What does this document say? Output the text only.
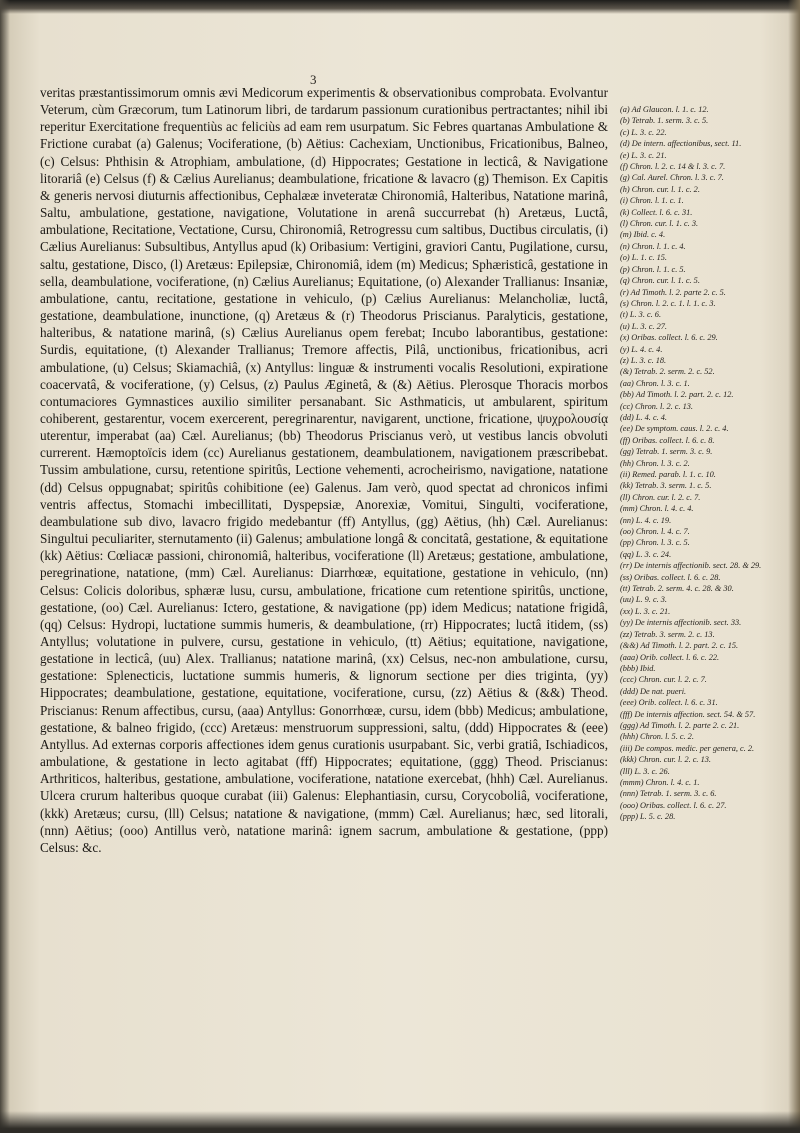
3

veritas præstantissimorum omnis ævi Medicorum experimentis & observationibus comprobata. Evolvantur Veterum, cùm Græcorum, tum Latinorum libri, de tardarum passionum curationibus pertractantes; nihil ibi reperitur Exercitatione frequentiùs ac feliciùs ad eam rem usurpatum. Sic Febres quartanas Ambulatione & Frictione curabat (a) Galenus; Vociferatione, (b) Aëtius: Cachexiam, Unctionibus, Fricationibus, Balneo, (c) Celsus: Phthisin & Atrophiam, ambulatione, (d) Hippocrates; Gestatione in lecticâ, & Navigatione litorariâ (e) Celsus (f) & Cælius Aurelianus; deambulatione, fricatione & lavacro (g) Themison. Ex Capitis & generis nervosi diuturnis affectionibus, Cephalææ inveteratæ Chironomiâ, Halteribus, Natatione marinâ, Saltu, ambulatione, gestatione, navigatione, Volutatione in arenâ succurrebat (h) Aretæus, Luctâ, ambulatione, Recitatione, Vectatione, Cursu, Chironomiâ, Retrogressu cum saltibus, Ductibus circulatis, (i) Cælius Aurelianus: Subsultibus, Antyllus apud (k) Oribasium: Vertigini, graviori Cantu, Pugilatione, cursu, saltu, gestatione, Disco, (l) Aretæus: Epilepsiæ, Chironomiâ, idem (m) Medicus; Sphæristicâ, gestatione in sella, deambulatione, vociferatione, (n) Cælius Aurelianus; Equitatione, (o) Alexander Trallianus: Insaniæ, ambulatione, cantu, recitatione, gestatione in vehiculo, (p) Cælius Aurelianus: Melancholiæ, luctâ, gestatione, deambulatione, inunctione, (q) Aretæus & (r) Theodorus Priscianus. Paralyticis, gestatione, halteribus, & natatione marinâ, (s) Cælius Aurelianus opem ferebat; Incubo laborantibus, gestatione: Surdis, equitatione, (t) Alexander Trallianus; Tremore affectis, Pilâ, unctionibus, fricationibus, acri ambulatione, (u) Celsus; Skiamachiâ, (x) Antyllus: linguæ & instrumenti vocalis Resolutioni, expiratione coacervatâ, & vociferatione, (y) Celsus, (z) Paulus Æginetâ, & (&) Aëtius. Plerosque Thoracis morbos contumaciores Gymnastices auxilio similiter persanabant. Sic Asthmaticis, ut ambularent, spiritum cohiberent, gestarentur, vocem exercerent, peregrinarentur, navigarent, unctione, fricatione, ψυχρολουσίᾳ uterentur, imperabat (aa) Cæl. Aurelianus; (bb) Theodorus Priscianus verò, ut vestibus lancis obvoluti currerent. Hæmoptoïcis idem (cc) Aurelianus gestationem, deambulationem, navigationem præscribebat. Tussim ambulatione, cursu, retentione spiritûs, Lectione vehementi, acrocheirismo, navigatione, natatione (dd) Celsus oppugnabat; spiritûs cohibitione (ee) Galenus. Jam verò, quod spectat ad chronicos infimi ventris affectus, Stomachi imbecillitati, Dyspepsiæ, Anorexiæ, Vomitui, Singulti, vociferatione, deambulatione sub divo, lavacro frigido medebantur (ff) Antyllus, (gg) Aëtius, (hh) Cæl. Aurelianus: Singultui peculiariter, sternutamento (ii) Galenus; ambulatione longâ & concitatâ, gestatione, & equitatione (kk) Aëtius: Cœliacæ passioni, chironomiâ, halteribus, vociferatione (ll) Aretæus; gestatione, ambulatione, peregrinatione, natatione, (mm) Cæl. Aurelianus: Diarrhœæ, equitatione, gestatione in vehiculo, (nn) Celsus: Colicis doloribus, sphæræ lusu, cursu, ambulatione, fricatione cum retentione spiritûs, unctione, gestatione, (oo) Cæl. Aurelianus: Ictero, gestatione, & navigatione (pp) idem Medicus; natatione frigidâ, (qq) Celsus: Hydropi, luctatione summis humeris, & deambulatione, (rr) Hippocrates; luctâ itidem, (ss) Antyllus; volutatione in pulvere, cursu, gestatione in vehiculo, (tt) Aëtius; equitatione, navigatione, gestatione in lecticâ, (uu) Alex. Trallianus; natatione marinâ, (xx) Celsus, nec-non ambulatione, cursu, gestatione: Splenecticis, luctatione summis humeris, & lignorum sectione per dies triginta, (yy) Hippocrates; deambulatione, gestatione, equitatione, vociferatione, cursu, (zz) Aëtius & (&&) Theod. Priscianus: Renum affectibus, cursu, (aaa) Antyllus: Gonorrhœæ, cursu, idem (bbb) Medicus; ambulatione, gestatione, & balneo frigido, (ccc) Aretæus: menstruorum suppressioni, saltu, (ddd) Hippocrates & (eee) Antyllus. Ad externas corporis affectiones idem genus curationis usurpabant. Sic, verbi gratiâ, Ischiadicos, ambulatione, & gestatione in lecto agitabat (fff) Hippocrates; equitatione, (ggg) Theod. Priscianus: Arthriticos, halteribus, gestatione, ambulatione, vociferatione, natatione exercebat, (hhh) Cæl. Aurelianus. Ulcera crurum halteribus quoque curabat (iii) Galenus: Elephantiasin, cursu, Corycoboliâ, vociferatione, (kkk) Aretæus; cursu, (lll) Celsus; natatione & navigatione, (mmm) Cæl. Aurelianus; hæc, sed litorali, (nnn) Aëtius; (ooo) Antillus verò, natatione marinâ: ignem sacrum, ambulatione & gestatione, (ppp) Celsus: &c.

(a) Ad Glaucon. l. 1. c. 12.
(b) Tetrab. 1. serm. 3. c. 5.
(c) L. 3. c. 22.
(d) De intern. affectionibus, sect. 11.
(e) L. 3. c. 21.
(f) Chron. l. 2. c. 14 & l. 3. c. 7.
(g) Cal. Aurel. Chron. l. 3. c. 7.
(h) Chron. cur. l. 1. c. 2.
(i) Chron. l. 1. c. 1.
(k) Collect. l. 6. c. 31.
(l) Chron. cur. l. 1. c. 3.
(m) Ibid. c. 4.
(n) Chron. l. 1. c. 4.
(o) L. 1. c. 15.
(p) Chron. l. 1. c. 5.
(q) Chron. cur. l. 1. c. 5.
(r) Ad Timoth. l. 2. parte 2. c. 5.
(s) Chron. l. 2. c. 1. l. 1. c. 3.
(t) L. 3. c. 6.
(u) L. 3. c. 27.
(x) Oribas. collect. l. 6. c. 29.
(y) L. 4. c. 4.
(z) L. 3. c. 18.
(&) Tetrab. 2. serm. 2. c. 52.
(aa) Chron. l. 3. c. 1.
(bb) Ad Timoth. l. 2. part. 2. c. 12.
(cc) Chron. l. 2. c. 13.
(dd) L. 4. c. 4.
(ee) De symptom. caus. l. 2. c. 4.
(ff) Oribas. collect. l. 6. c. 8.
(gg) Tetrab. 1. serm. 3. c. 9.
(hh) Chron. l. 3. c. 2.
(ii) Remed. parab. l. 1. c. 10.
(kk) Tetrab. 3. serm. 1. c. 5.
(ll) Chron. cur. l. 2. c. 7.
(mm) Chron. l. 4. c. 4.
(nn) L. 4. c. 19.
(oo) Chron. l. 4. c. 7.
(pp) Chron. l. 3. c. 5.
(qq) L. 3. c. 24.
(rr) De internis affectionib. sect. 28. & 29.
(ss) Oribas. collect. l. 6. c. 28.
(tt) Tetrab. 2. serm. 4. c. 28. & 30.
(uu) L. 9. c. 3.
(xx) L. 3. c. 21.
(yy) De internis affectionib. sect. 33.
(zz) Tetrab. 3. serm. 2. c. 13.
(&&) Ad Timoth. l. 2. part. 2. c. 15.
(aaa) Orib. collect. l. 6. c. 22.
(bbb) Ibid.
(ccc) Chron. cur. l. 2. c. 7.
(ddd) De nat. pueri.
(eee) Orib. collect. l. 6. c. 31.
(fff) De internis affection. sect. 54. & 57.
(ggg) Ad Timoth. l. 2. parte 2. c. 21.
(hhh) Chron. l. 5. c. 2.
(iii) De compos. medic. per genera, c. 2.
(kkk) Chron. cur. l. 2. c. 13.
(lll) L. 3. c. 26.
(mmm) Chron. l. 4. c. 1.
(nnn) Tetrab. 1. serm. 3. c. 6.
(ooo) Oribas. collect. l. 6. c. 27.
(ppp) L. 5. c. 28.
